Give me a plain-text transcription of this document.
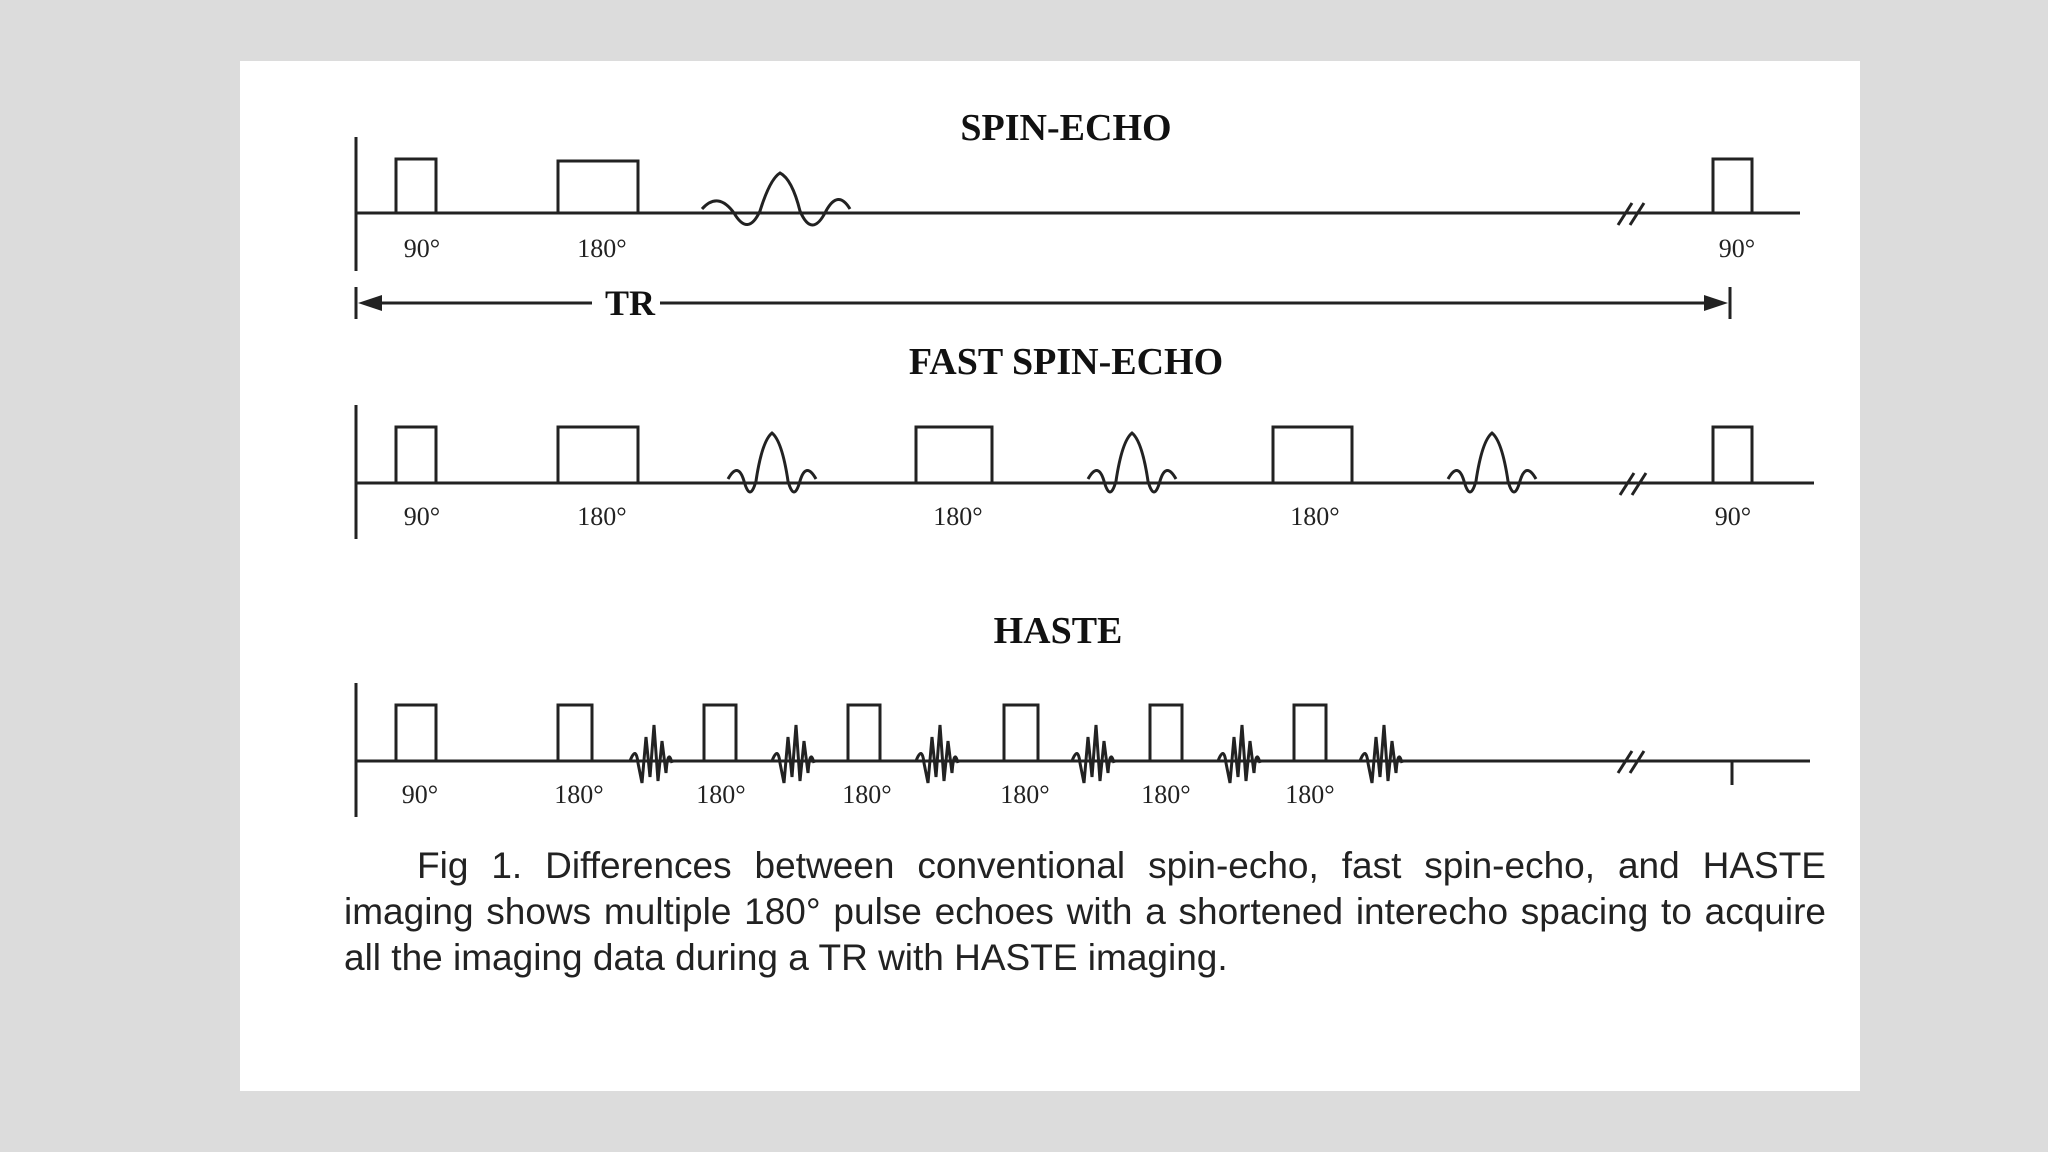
SPIN-ECHO
FAST SPIN-ECHO
HASTE
TR
90°	180°	90°
90°	180°	180°	180°	90°
90°	180°	180°	180°	180°	180°	180°

Fig 1. Differences between conventional spin-echo, fast spin-echo, and HASTE imaging shows multiple 180° pulse echoes with a shortened interecho spacing to acquire all the imaging data during a TR with HASTE imaging.
